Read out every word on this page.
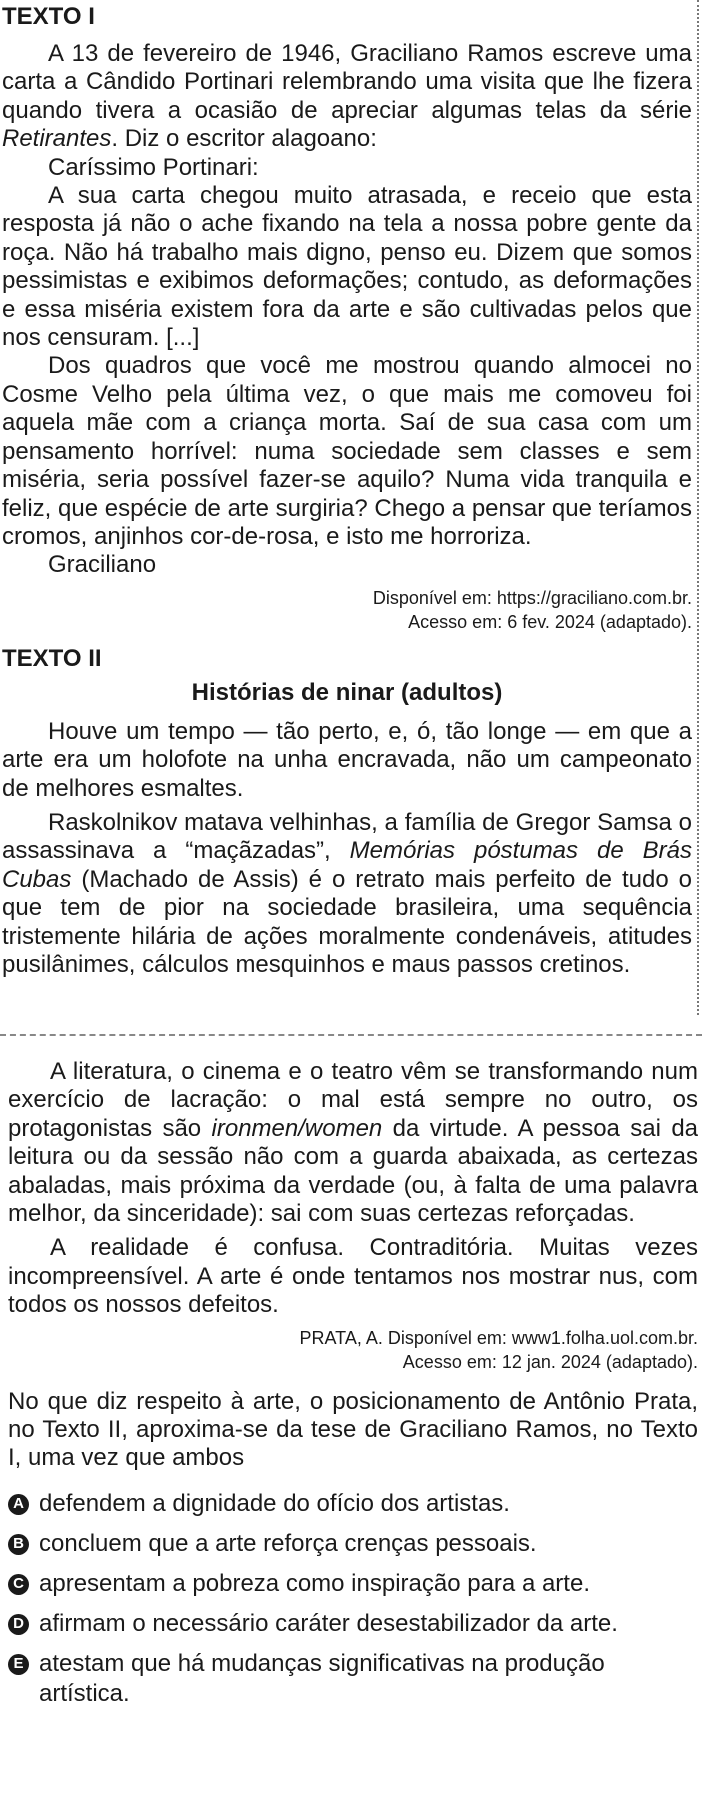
TEXTO I

A 13 de fevereiro de 1946, Graciliano Ramos escreve uma carta a Cândido Portinari relembrando uma visita que lhe fizera quando tivera a ocasião de apreciar algumas telas da série Retirantes. Diz o escritor alagoano:

Caríssimo Portinari:

A sua carta chegou muito atrasada, e receio que esta resposta já não o ache fixando na tela a nossa pobre gente da roça. Não há trabalho mais digno, penso eu. Dizem que somos pessimistas e exibimos deformações; contudo, as deformações e essa miséria existem fora da arte e são cultivadas pelos que nos censuram. [...]

Dos quadros que você me mostrou quando almocei no Cosme Velho pela última vez, o que mais me comoveu foi aquela mãe com a criança morta. Saí de sua casa com um pensamento horrível: numa sociedade sem classes e sem miséria, seria possível fazer-se aquilo? Numa vida tranquila e feliz, que espécie de arte surgiria? Chego a pensar que teríamos cromos, anjinhos cor-de-rosa, e isto me horroriza.

Graciliano

Disponível em: https://graciliano.com.br.
Acesso em: 6 fev. 2024 (adaptado).
TEXTO II
Histórias de ninar (adultos)

Houve um tempo — tão perto, e, ó, tão longe — em que a arte era um holofote na unha encravada, não um campeonato de melhores esmaltes.

Raskolnikov matava velhinhas, a família de Gregor Samsa o assassinava a “maçãzadas”, Memórias póstumas de Brás Cubas (Machado de Assis) é o retrato mais perfeito de tudo o que tem de pior na sociedade brasileira, uma sequência tristemente hilária de ações moralmente condenáveis, atitudes pusilânimes, cálculos mesquinhos e maus passos cretinos.

A literatura, o cinema e o teatro vêm se transformando num exercício de lacração: o mal está sempre no outro, os protagonistas são ironmen/women da virtude. A pessoa sai da leitura ou da sessão não com a guarda abaixada, as certezas abaladas, mais próxima da verdade (ou, à falta de uma palavra melhor, da sinceridade): sai com suas certezas reforçadas.

A realidade é confusa. Contraditória. Muitas vezes incompreensível. A arte é onde tentamos nos mostrar nus, com todos os nossos defeitos.

PRATA, A. Disponível em: www1.folha.uol.com.br.
Acesso em: 12 jan. 2024 (adaptado).

No que diz respeito à arte, o posicionamento de Antônio Prata, no Texto II, aproxima-se da tese de Graciliano Ramos, no Texto I, uma vez que ambos

A defendem a dignidade do ofício dos artistas.
B concluem que a arte reforça crenças pessoais.
C apresentam a pobreza como inspiração para a arte.
D afirmam o necessário caráter desestabilizador da arte.
E atestam que há mudanças significativas na produção artística.
